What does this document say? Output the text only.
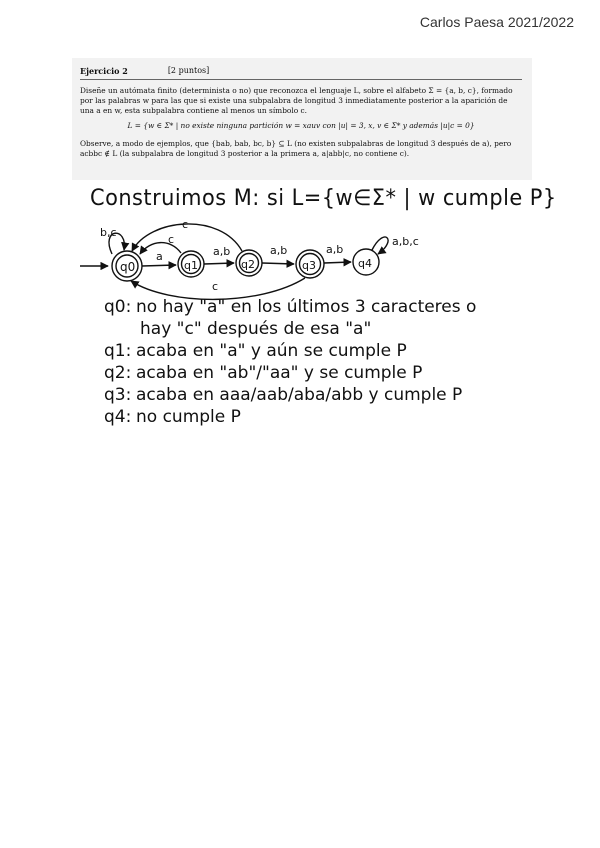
Carlos Paesa 2021/2022
Ejercicio 2	[2 puntos]

Diseñe un autómata finito (determinista o no) que reconozca el lenguaje L, sobre el alfabeto Σ = {a, b, c}, formado por las palabras w para las que si existe una subpalabra de longitud 3 inmediatamente posterior a la aparición de una a en w, esta subpalabra contiene al menos un símbolo c.

L = {w ∈ Σ* | no existe ninguna partición w = xauv con |u| = 3, x, v ∈ Σ* y además |u|c = 0}

Observe, a modo de ejemplos, que {bab, bab, bc, b} ⊆ L (no existen subpalabras de longitud 3 después de a), pero acbbc ∉ L (la subpalabra de longitud 3 posterior a la primera a, a|abb|c, no contiene c).

Construimos M: si L={w∈Σ* | w cumple P}
q0	q1	q2	q3	q4
b,c
a
c
a,b
c
a,b
c
a,b
a,b,c
q0: no hay "a" en los últimos 3 caracteres o
hay "c" después de esa "a"
q1: acaba en "a" y aún se cumple P
q2: acaba en "ab"/"aa" y se cumple P
q3: acaba en aaa/aab/aba/abb y cumple P
q4: no cumple P
